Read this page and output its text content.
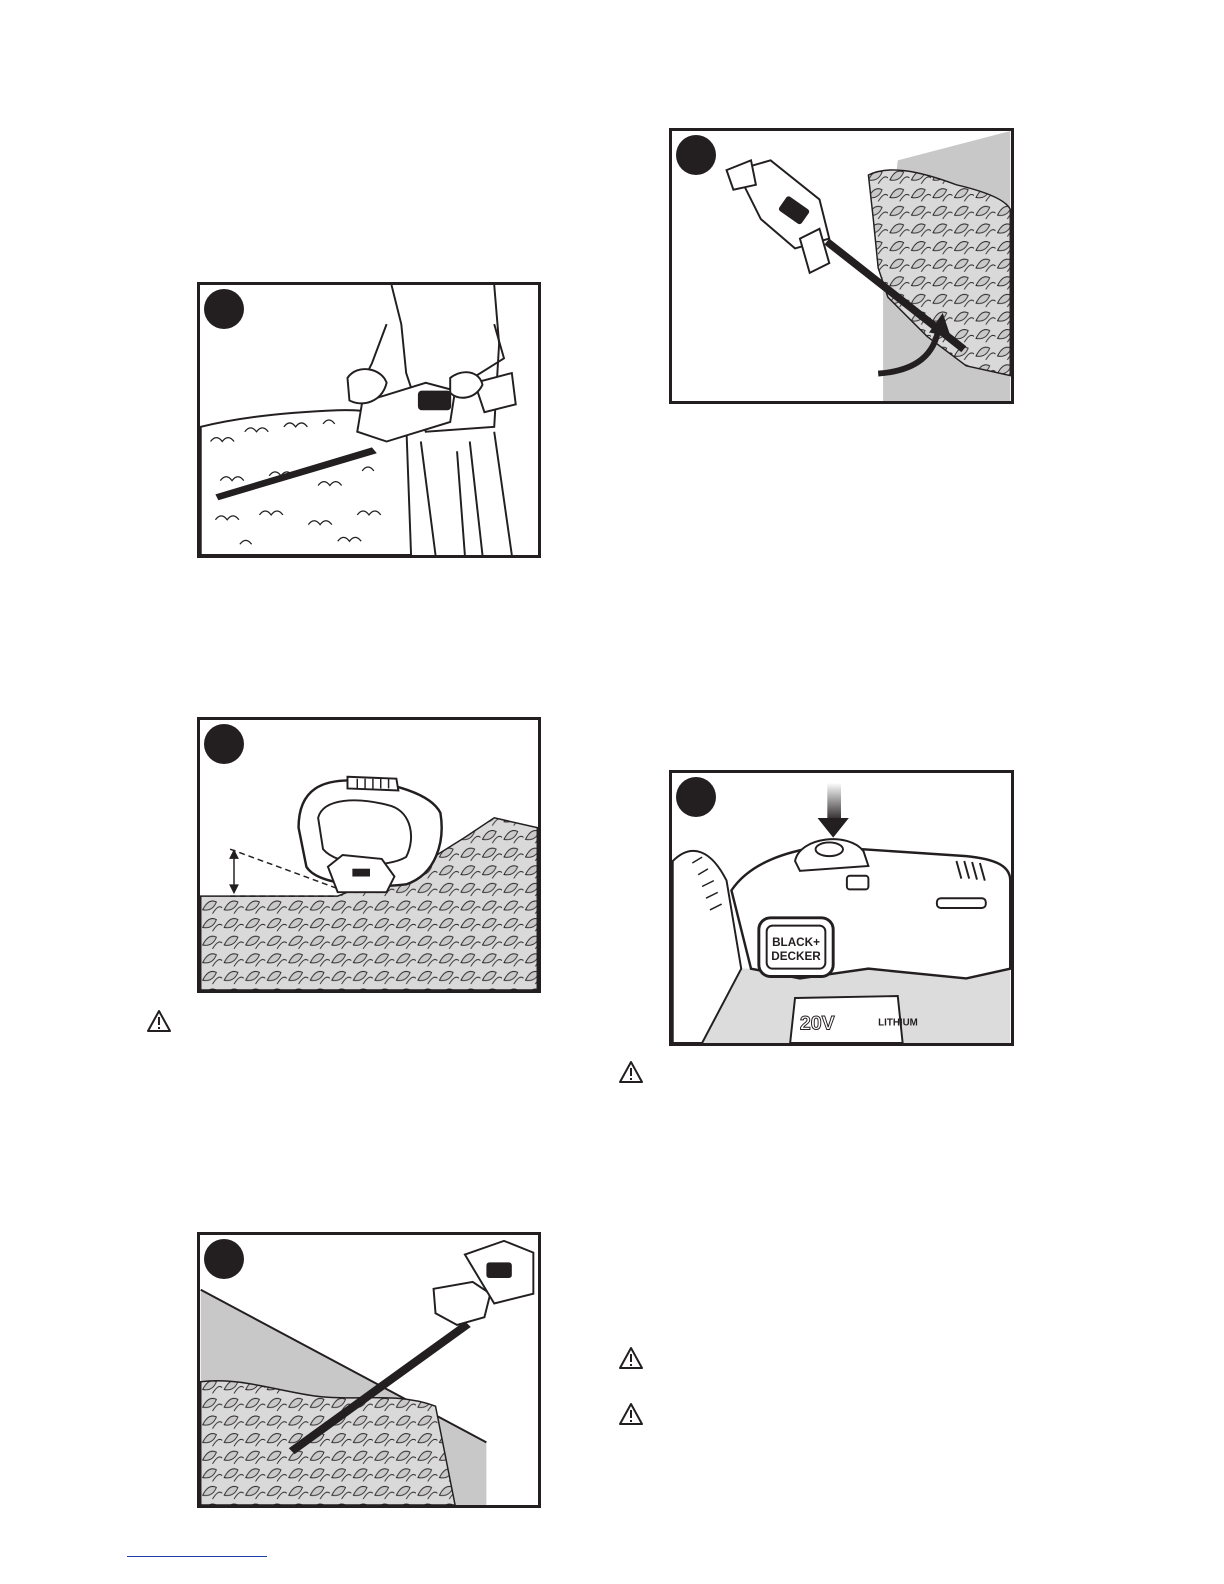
BLACK+
DECKER
20V	LITHIUM
